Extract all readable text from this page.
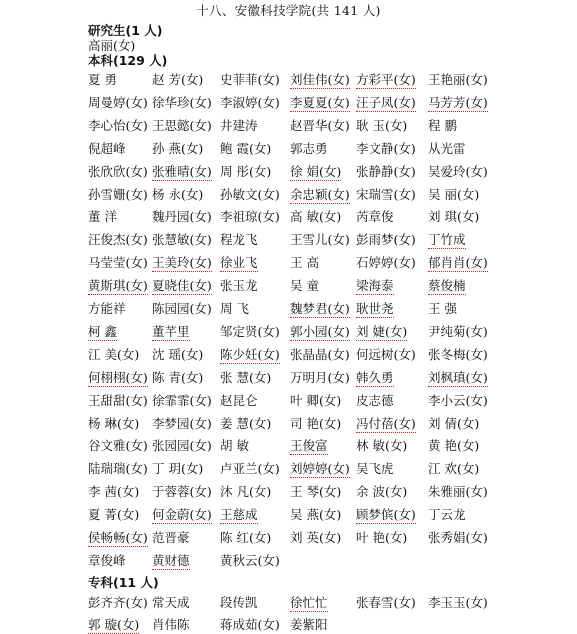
十八、安徽科技学院(共 141 人)
研究生(1 人)
高丽(女)
本科(129 人)
夏 勇	赵 芳(女) 史菲菲(女) 刘佳伟(女) 方彩平(女) 王艳丽(女)
周曼婷(女) 徐华珍(女) 李淑婷(女) 李夏夏(女) 汪子凤(女) 马芳芳(女)
李心怡(女) 王思懿(女) 井建涛	赵晋华(女) 耿 玉(女) 程 鹏
倪超峰 孙 燕(女) 鲍 霞(女) 郭志勇 李文静(女) 从光雷
张欣欣(女) 张雅晴(女) 周 彤(女) 徐 娟(女) 张静静(女) 吴爱玲(女)
孙雪姗(女) 杨 永(女) 孙敏文(女) 余忠颖(女) 宋瑞雪(女) 吴 丽(女)
董 洋	魏丹园(女) 李祖琼(女) 高 敏(女) 芮章俊	刘 琪(女)
汪俊杰(女) 张慧敏(女) 程龙飞	王雪儿(女) 彭雨梦(女) 丁竹成
马莹莹(女) 王美玲(女) 徐业飞	王 高	石婷婷(女) 郁肖肖(女)
黄斯琪(女) 夏晓佳(女) 张玉龙	吴 童	梁海泰	蔡俊楠
方能祥 陈园园(女) 周 飞	魏梦君(女) 耿世尧	王 强
柯 鑫	董芊里 邹定贤(女) 郭小园(女) 刘 婕(女) 尹纯菊(女)
江 美(女) 沈 瑶(女) 陈少妊(女) 张晶晶(女) 何远树(女) 张冬梅(女)
何栩栩(女) 陈 青(女) 张 慧(女) 万明月(女) 韩久勇	刘枫瑱(女)
王甜甜(女) 徐霏霏(女) 赵昆仑	叶 卿(女) 皮志德	李小云(女)
杨 琳(女) 李梦园(女) 姜 慧(女) 司 艳(女) 冯付蓓(女) 刘 倩(女)
谷文雅(女) 张园园(女) 胡 敏	王俊富 林 敏(女) 黄 艳(女)
陆瑞瑞(女) 丁 玥(女) 卢亚兰(女) 刘婷婷(女) 吴飞虎	江 欢(女)
李 茜(女) 于蓉蓉(女) 沐 凡(女) 王 琴(女) 余 波(女) 朱雅丽(女)
夏 菁(女) 何金蔚(女) 王慈成	吴 燕(女) 顾梦傧(女) 丁云龙
侯畅畅(女) 范晋豪 陈 红(女) 刘 英(女) 叶 艳(女) 张秀娟(女)
章俊峰 黄财德 黄秋云(女)
专科(11 人)
彭齐齐(女) 常天成 段传凯	徐忙忙 张春雪(女) 李玉玉(女)
郭 璇(女) 肖伟陈 蒋成茹(女) 姜紫阳
